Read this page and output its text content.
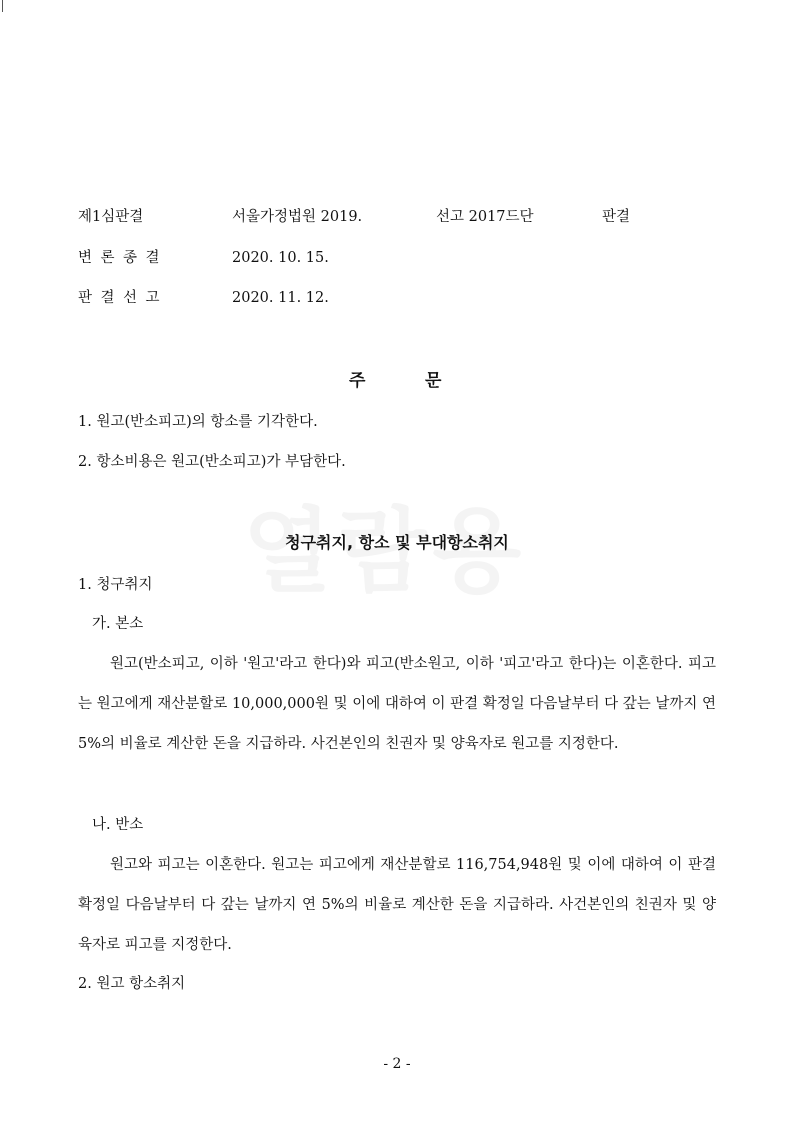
제1심판결	서울가정법원 2019.	선고 2017드단	판결
변론종결	2020. 10. 15.
판결선고	2020. 11. 12.
주	문
1. 원고(반소피고)의 항소를 기각한다.
2. 항소비용은 원고(반소피고)가 부담한다.
청구취지, 항소 및 부대항소취지
1. 청구취지
가. 본소
원고(반소피고, 이하 '원고'라고 한다)와 피고(반소원고, 이하 '피고'라고 한다)는 이혼한다. 피고는 원고에게 재산분할로 10,000,000원 및 이에 대하여 이 판결 확정일 다음날부터 다 갚는 날까지 연 5%의 비율로 계산한 돈을 지급하라. 사건본인의 친권자 및 양육자로 원고를 지정한다.
나. 반소
원고와 피고는 이혼한다. 원고는 피고에게 재산분할로 116,754,948원 및 이에 대하여 이 판결 확정일 다음날부터 다 갚는 날까지 연 5%의 비율로 계산한 돈을 지급하라. 사건본인의 친권자 및 양육자로 피고를 지정한다.
2. 원고 항소취지
- 2 -
